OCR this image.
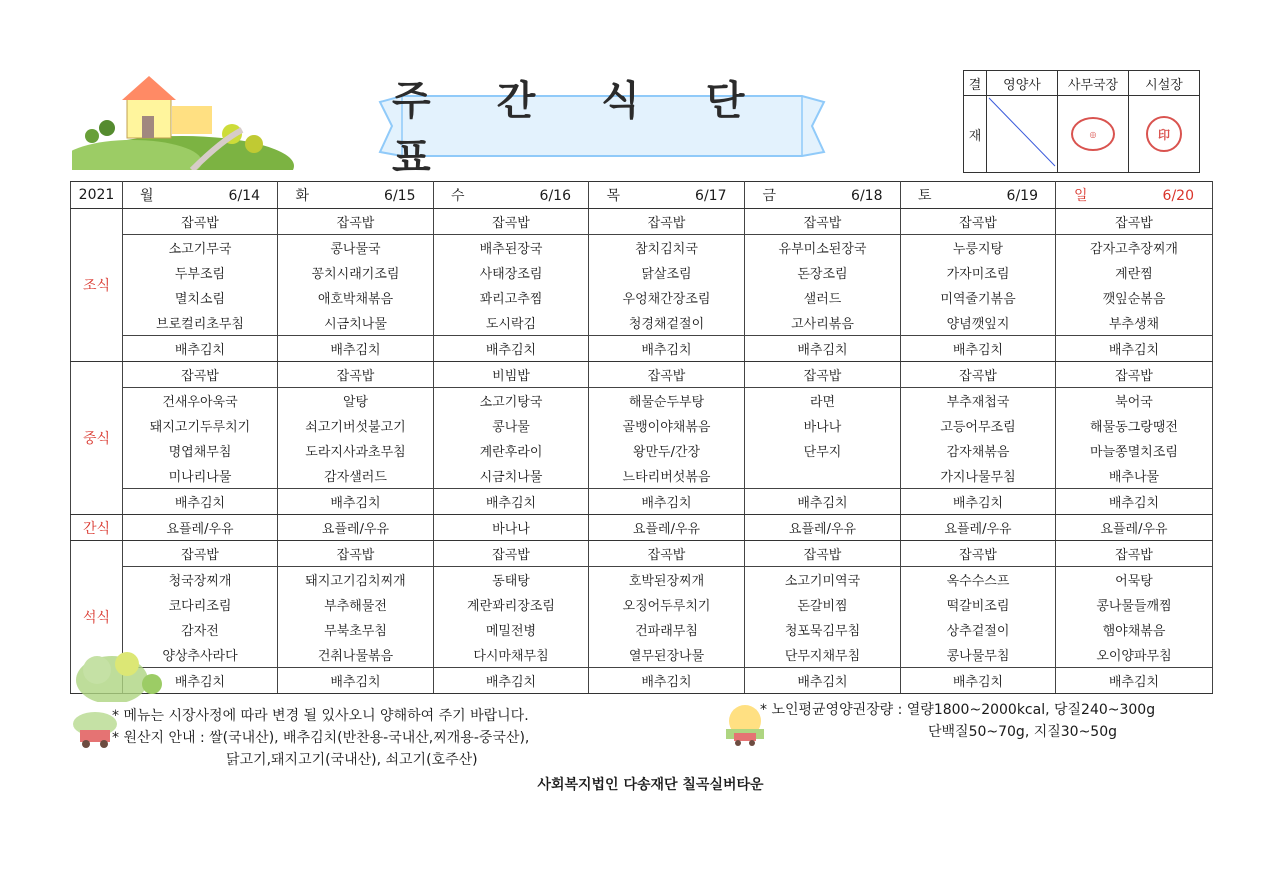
주 간 식 단 표
결	영양사	사무국장	시설장
재		◎	印
2021	월 6/14	화 6/15	수 6/16	목 6/17	금 6/18	토 6/19	일 6/20
조식	잡곡밥	잡곡밥	잡곡밥	잡곡밥	잡곡밥	잡곡밥	잡곡밥
	소고기무국	콩나물국	배추된장국	참치김치국	유부미소된장국	누룽지탕	감자고추장찌개
	두부조림	꽁치시래기조림	사태장조림	닭살조림	돈장조림	가자미조림	계란찜
	멸치소림	애호박채볶음	꽈리고추찜	우엉채간장조림	샐러드	미역줄기볶음	깻잎순볶음
	브로컬리초무침	시금치나물	도시락김	청경채겉절이	고사리볶음	양념깻잎지	부추생채
	배추김치	배추김치	배추김치	배추김치	배추김치	배추김치	배추김치
중식	잡곡밥	잡곡밥	비빔밥	잡곡밥	잡곡밥	잡곡밥	잡곡밥
	건새우아욱국	알탕	소고기탕국	해물순두부탕	라면	부추재첩국	북어국
	돼지고기두루치기	쇠고기버섯불고기	콩나물	골뱅이야채볶음	바나나	고등어무조림	해물동그랑땡전
	명엽채무침	도라지사과초무침	계란후라이	왕만두/간장	단무지	감자채볶음	마늘쫑멸치조림
	미나리나물	감자샐러드	시금치나물	느타리버섯볶음		가지나물무침	배추나물
	배추김치	배추김치	배추김치	배추김치	배추김치	배추김치	배추김치
간식	요플레/우유	요플레/우유	바나나	요플레/우유	요플레/우유	요플레/우유	요플레/우유
석식	잡곡밥	잡곡밥	잡곡밥	잡곡밥	잡곡밥	잡곡밥	잡곡밥
	청국장찌개	돼지고기김치찌개	동태탕	호박된장찌개	소고기미역국	옥수수스프	어묵탕
	코다리조림	부추해물전	계란꽈리장조림	오징어두루치기	돈갈비찜	떡갈비조림	콩나물들깨찜
	감자전	무북초무침	메밀전병	건파래무침	청포묵김무침	상추겉절이	햄야채볶음
	양상추사라다	건취나물볶음	다시마채무침	열무된장나물	단무지채무침	콩나물무침	오이양파무침
	배추김치	배추김치	배추김치	배추김치	배추김치	배추김치	배추김치
* 메뉴는 시장사정에 따라 변경 될 있사오니 양해하여 주기 바랍니다.
* 원산지 안내 : 쌀(국내산), 배추김치(반찬용-국내산,찌개용-중국산),
닭고기,돼지고기(국내산), 쇠고기(호주산)
* 노인평균영양권장량 : 열량1800~2000kcal, 당질240~300g
단백질50~70g, 지질30~50g
사회복지법인 다송재단 칠곡실버타운
